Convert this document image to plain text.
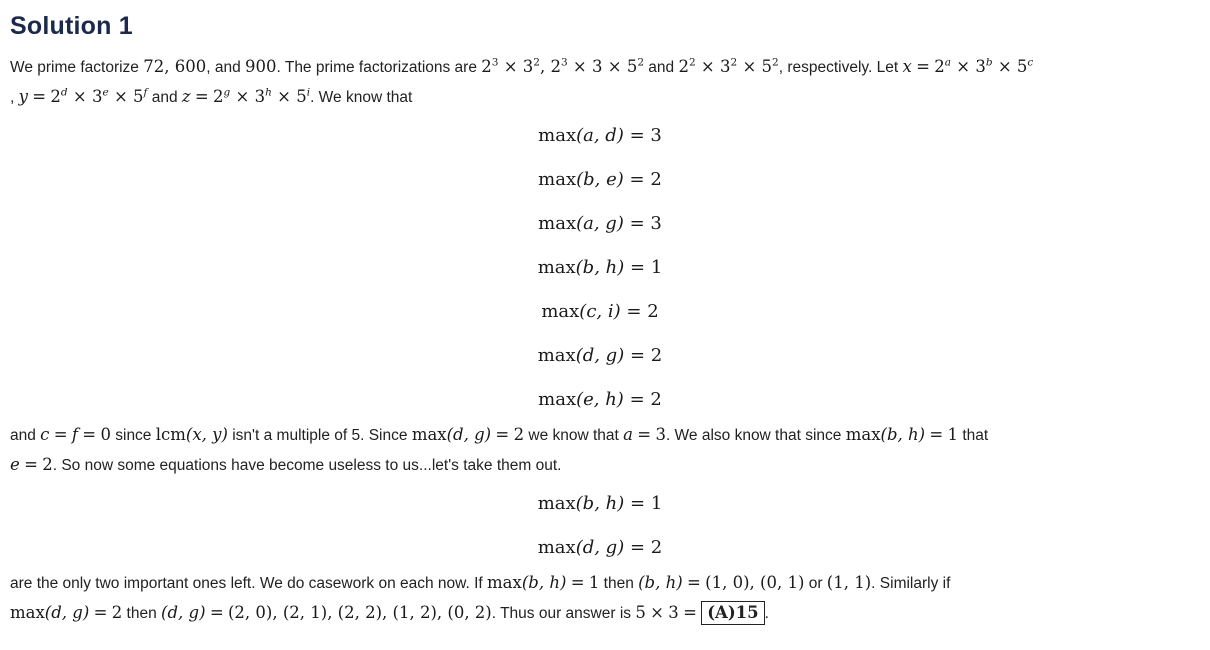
Solution 1
We prime factorize 72, 600, and 900. The prime factorizations are $2^3 \times 3^2$, $2^3 \times 3 \times 5^2$ and $2^2 \times 3^2 \times 5^2$, respectively. Let $x = 2^a \times 3^b \times 5^c$
, $y = 2^d \times 3^e \times 5^f$ and $z = 2^g \times 3^h \times 5^i$. We know that
max(a, d) = 3
max(b, e) = 2
max(a, g) = 3
max(b, h) = 1
max(c, i) = 2
max(d, g) = 2
max(e, h) = 2
and c = f = 0 since lcm(x, y) isn't a multiple of 5. Since max(d, g) = 2 we know that a = 3. We also know that since max(b, h) = 1 that
e = 2. So now some equations have become useless to us...let's take them out.
max(b, h) = 1
max(d, g) = 2
are the only two important ones left. We do casework on each now. If max(b, h) = 1 then (b, h) = (1, 0), (0, 1) or (1, 1). Similarly if
max(d, g) = 2 then (d, g) = (2, 0), (2, 1), (2, 2), (1, 2), (0, 2). Thus our answer is 5 × 3 = (A)15 .
